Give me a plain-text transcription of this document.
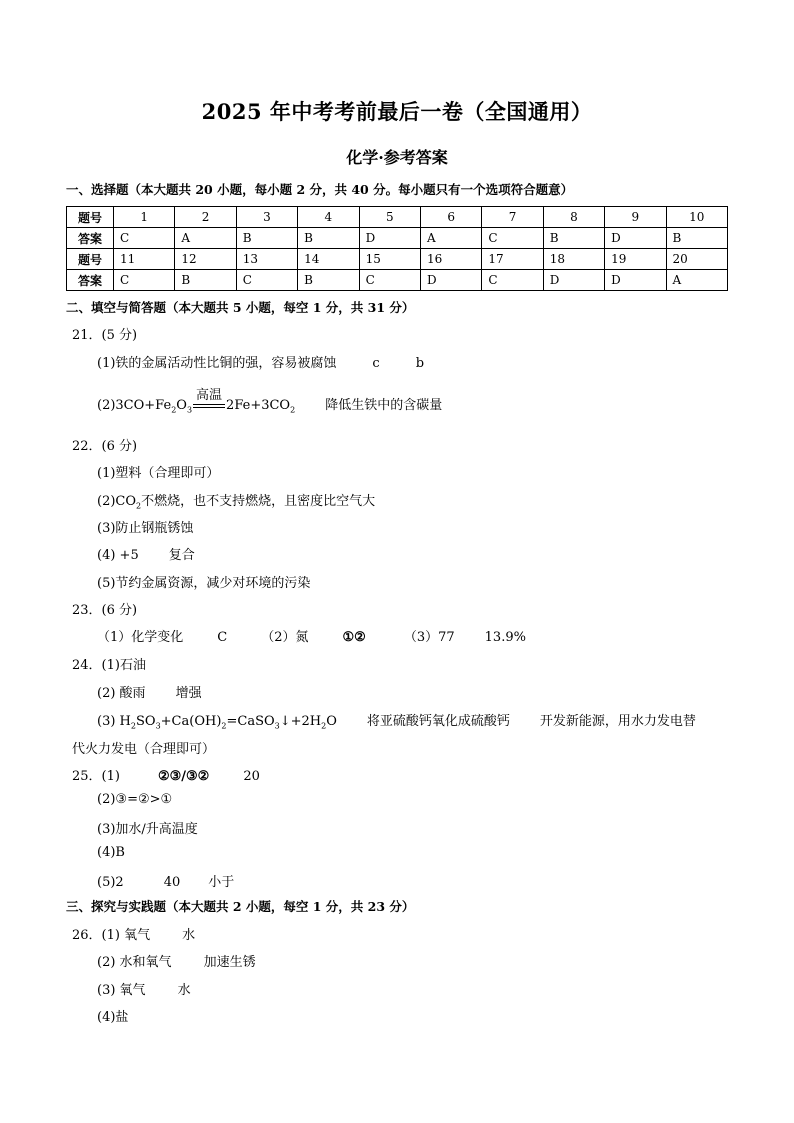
2025 年中考考前最后一卷（全国通用）
化学·参考答案
一、选择题（本大题共 20 小题，每小题 2 分，共 40 分。每小题只有一个选项符合题意）
题号	1	2	3	4	5	6	7	8	9	10
答案	C	A	B	B	D	A	C	B	D	B
题号	11	12	13	14	15	16	17	18	19	20
答案	C	B	C	B	C	D	C	D	D	A
二、填空与简答题（本大题共 5 小题，每空 1 分，共 31 分）
21．(5 分)
(1)铁的金属活动性比铜的强，容易被腐蚀	c	b
$(2)3CO+Fe_2O_3$
高温
$2Fe+3CO_2$ 降低生铁中的含碳量
22．(6 分)
(1)塑料（合理即可）
$(2)CO_2$不燃烧，也不支持燃烧，且密度比空气大
(3)防止钢瓶锈蚀
(4) +5 复合
(5)节约金属资源，减少对环境的污染
23．(6 分)
（1）化学变化	C	（2）氮	①②	（3）77 13.9%
24．(1)石油
(2) 酸雨 增强
(3) $H_2SO_3+Ca(OH)_2=CaSO_3↓+2H_2O$ 将亚硫酸钙氧化成硫酸钙 开发新能源，用水力发电替
代火力发电（合理即可）
25．(1)	②③/③②	20
(2)③=②>①
(3)加水/升高温度
(4)B
(5)2	40 小于
三、探究与实践题（本大题共 2 小题，每空 1 分，共 23 分）
26．(1) 氧气 水
(2) 水和氧气 加速生锈
(3) 氧气 水
(4)盐
